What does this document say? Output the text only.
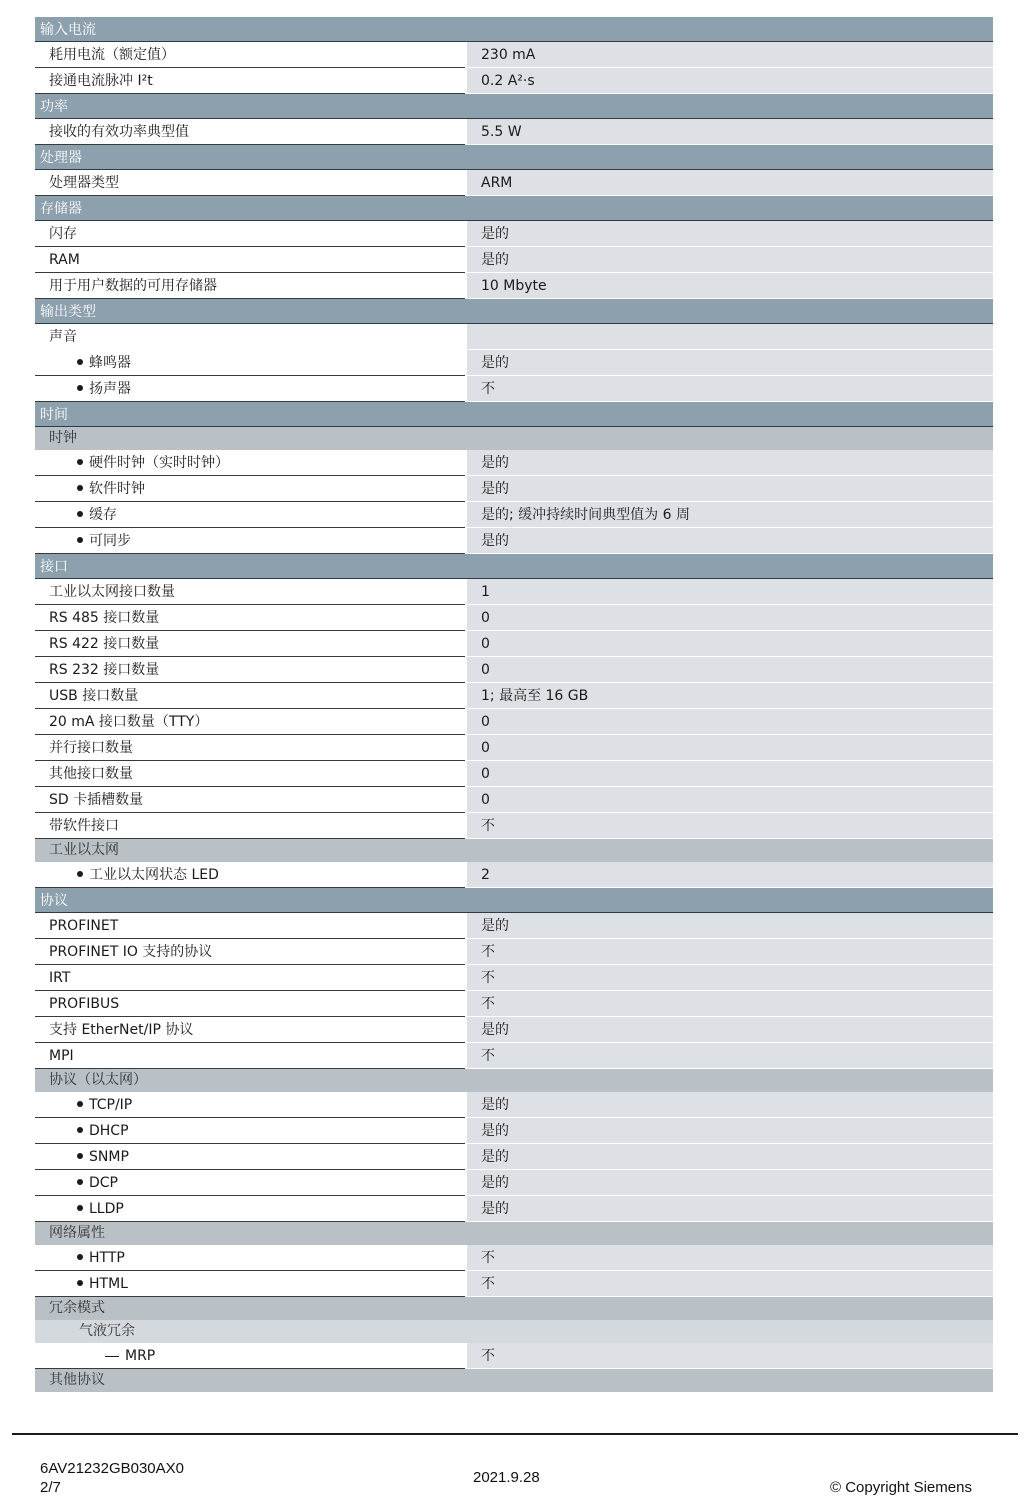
输入电流
耗用电流（额定值）	230 mA
接通电流脉冲 I²t	0.2 A²·s
功率
接收的有效功率典型值	5.5 W
处理器
处理器类型	ARM
存储器
闪存	是的
RAM	是的
用于用户数据的可用存储器	10 Mbyte
输出类型
声音
蜂鸣器	是的
扬声器	不
时间
时钟
硬件时钟（实时时钟）	是的
软件时钟	是的
缓存	是的; 缓冲持续时间典型值为 6 周
可同步	是的
接口
工业以太网接口数量	1
RS 485 接口数量	0
RS 422 接口数量	0
RS 232 接口数量	0
USB 接口数量	1; 最高至 16 GB
20 mA 接口数量（TTY）	0
并行接口数量	0
其他接口数量	0
SD 卡插槽数量	0
带软件接口	不
工业以太网
工业以太网状态 LED	2
协议
PROFINET	是的
PROFINET IO 支持的协议	不
IRT	不
PROFIBUS	不
支持 EtherNet/IP 协议	是的
MPI	不
协议（以太网）
TCP/IP	是的
DHCP	是的
SNMP	是的
DCP	是的
LLDP	是的
网络属性
HTTP	不
HTML	不
冗余模式
气液冗余
MRP	不
其他协议
6AV21232GB030AX0
2/7
2021.9.28
© Copyright Siemens
